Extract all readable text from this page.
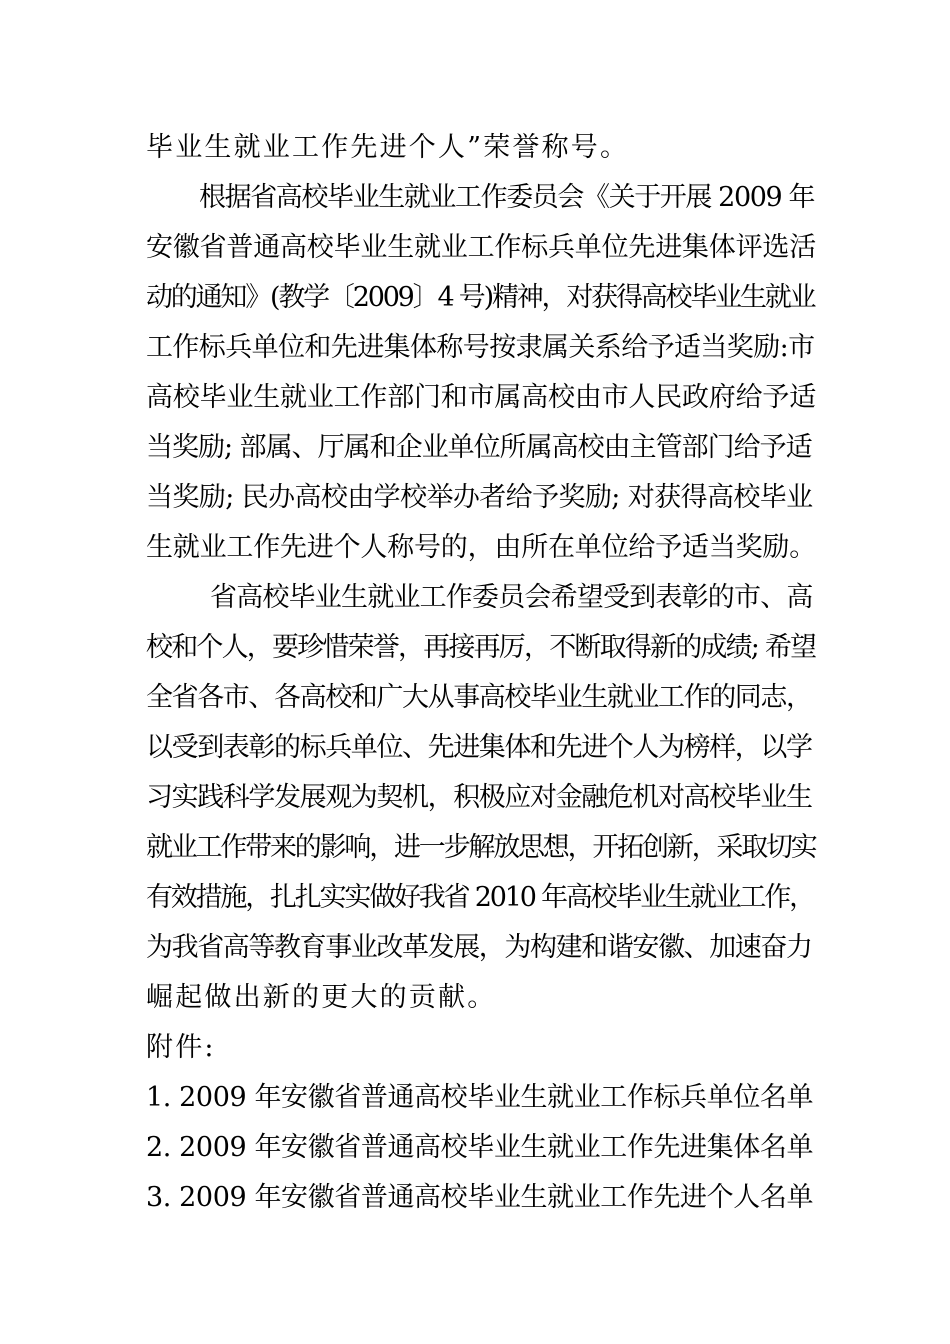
毕业生就业工作先进个人”荣誉称号。
根据省高校毕业生就业工作委员会《关于开展 2009 年
安徽省普通高校毕业生就业工作标兵单位先进集体评选活
动的通知》(教学〔2009〕4 号)精神，对获得高校毕业生就业
工作标兵单位和先进集体称号按隶属关系给予适当奖励:市
高校毕业生就业工作部门和市属高校由市人民政府给予适
当奖励; 部属、厅属和企业单位所属高校由主管部门给予适
当奖励; 民办高校由学校举办者给予奖励; 对获得高校毕业
生就业工作先进个人称号的，由所在单位给予适当奖励。
省高校毕业生就业工作委员会希望受到表彰的市、高
校和个人，要珍惜荣誉，再接再厉，不断取得新的成绩; 希望
全省各市、各高校和广大从事高校毕业生就业工作的同志，
以受到表彰的标兵单位、先进集体和先进个人为榜样，以学
习实践科学发展观为契机，积极应对金融危机对高校毕业生
就业工作带来的影响，进一步解放思想，开拓创新，采取切实
有效措施，扎扎实实做好我省 2010 年高校毕业生就业工作，
为我省高等教育事业改革发展，为构建和谐安徽、加速奋力
崛起做出新的更大的贡献。
附件:
1. 2009 年安徽省普通高校毕业生就业工作标兵单位名单
2. 2009 年安徽省普通高校毕业生就业工作先进集体名单
3. 2009 年安徽省普通高校毕业生就业工作先进个人名单
